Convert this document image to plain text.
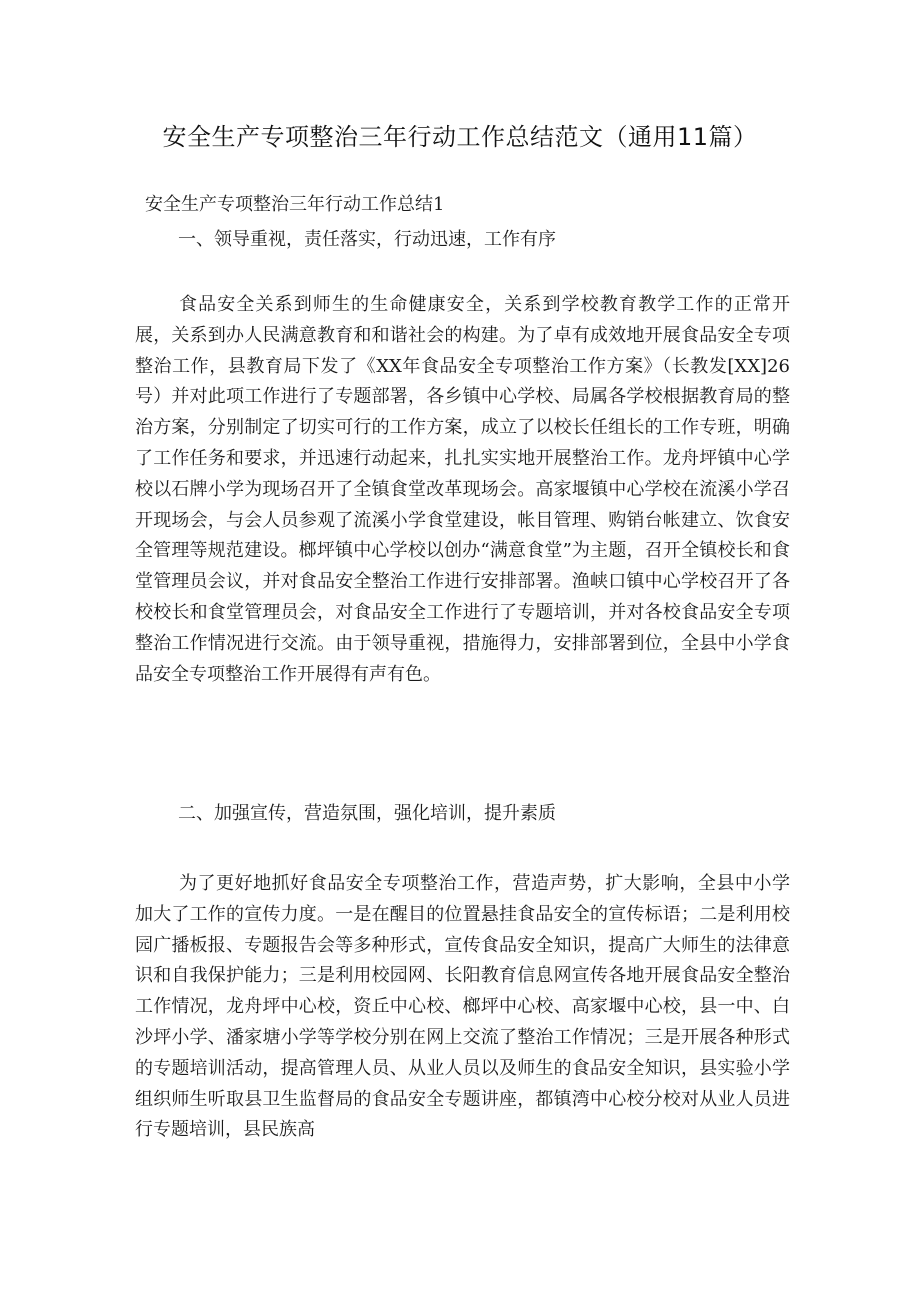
安全生产专项整治三年行动工作总结范文（通用11篇）
安全生产专项整治三年行动工作总结1
一、领导重视，责任落实，行动迅速，工作有序

食品安全关系到师生的生命健康安全，关系到学校教育教学工作的正常开展，关系到办人民满意教育和和谐社会的构建。为了卓有成效地开展食品安全专项整治工作，县教育局下发了《XX年食品安全专项整治工作方案》（长教发[XX]26号）并对此项工作进行了专题部署，各乡镇中心学校、局属各学校根据教育局的整治方案，分别制定了切实可行的工作方案，成立了以校长任组长的工作专班，明确了工作任务和要求，并迅速行动起来，扎扎实实地开展整治工作。龙舟坪镇中心学校以石牌小学为现场召开了全镇食堂改革现场会。高家堰镇中心学校在流溪小学召开现场会，与会人员参观了流溪小学食堂建设，帐目管理、购销台帐建立、饮食安全管理等规范建设。榔坪镇中心学校以创办“满意食堂”为主题，召开全镇校长和食堂管理员会议，并对食品安全整治工作进行安排部署。渔峡口镇中心学校召开了各校校长和食堂管理员会，对食品安全工作进行了专题培训，并对各校食品安全专项整治工作情况进行交流。由于领导重视，措施得力，安排部署到位，全县中小学食品安全专项整治工作开展得有声有色。

二、加强宣传，营造氛围，强化培训，提升素质

为了更好地抓好食品安全专项整治工作，营造声势，扩大影响，全县中小学加大了工作的宣传力度。一是在醒目的位置悬挂食品安全的宣传标语；二是利用校园广播板报、专题报告会等多种形式，宣传食品安全知识，提高广大师生的法律意识和自我保护能力；三是利用校园网、长阳教育信息网宣传各地开展食品安全整治工作情况，龙舟坪中心校，资丘中心校、榔坪中心校、高家堰中心校，县一中、白沙坪小学、潘家塘小学等学校分别在网上交流了整治工作情况；三是开展各种形式的专题培训活动，提高管理人员、从业人员以及师生的食品安全知识，县实验小学组织师生听取县卫生监督局的食品安全专题讲座，都镇湾中心校分校对从业人员进行专题培训，县民族高
